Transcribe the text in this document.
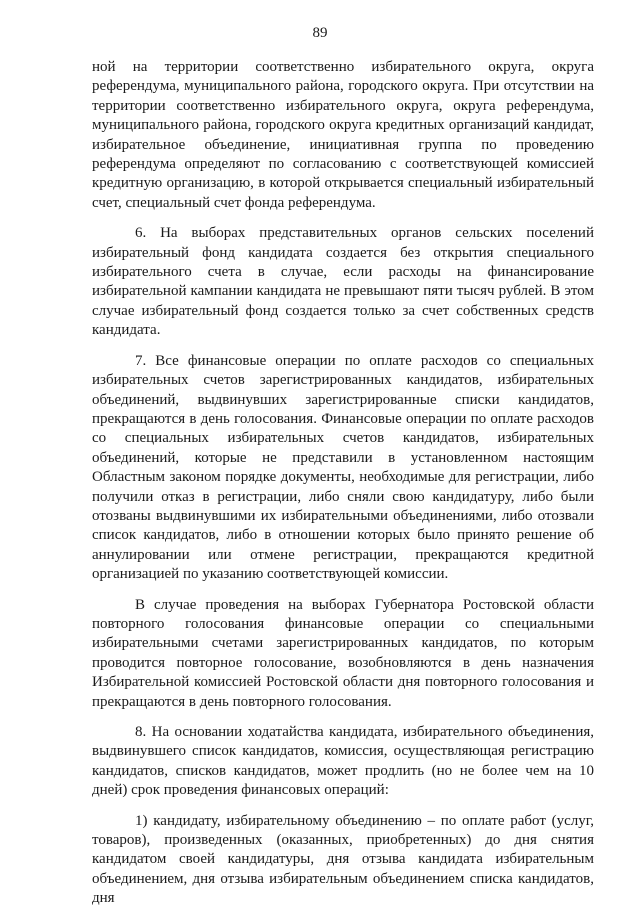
89

ной на территории соответственно избирательного округа, округа референдума, муниципального района, городского округа. При отсутствии на территории соответственно избирательного округа, округа референдума, муниципального района, городского округа кредитных организаций кандидат, избирательное объединение, инициативная группа по проведению референдума определяют по согласованию с соответствующей комиссией кредитную организацию, в которой открывается специальный избирательный счет, специальный счет фонда референдума.

6. На выборах представительных органов сельских поселений избирательный фонд кандидата создается без открытия специального избирательного счета в случае, если расходы на финансирование избирательной кампании кандидата не превышают пяти тысяч рублей. В этом случае избирательный фонд создается только за счет собственных средств кандидата.

7. Все финансовые операции по оплате расходов со специальных избирательных счетов зарегистрированных кандидатов, избирательных объединений, выдвинувших зарегистрированные списки кандидатов, прекращаются в день голосования. Финансовые операции по оплате расходов со специальных избирательных счетов кандидатов, избирательных объединений, которые не представили в установленном настоящим Областным законом порядке документы, необходимые для регистрации, либо получили отказ в регистрации, либо сняли свою кандидатуру, либо были отозваны выдвинувшими их избирательными объединениями, либо отозвали список кандидатов, либо в отношении которых было принято решение об аннулировании или отмене регистрации, прекращаются кредитной организацией по указанию соответствующей комиссии.

В случае проведения на выборах Губернатора Ростовской области повторного голосования финансовые операции со специальными избирательными счетами зарегистрированных кандидатов, по которым проводится повторное голосование, возобновляются в день назначения Избирательной комиссией Ростовской области дня повторного голосования и прекращаются в день повторного голосования.

8. На основании ходатайства кандидата, избирательного объединения, выдвинувшего список кандидатов, комиссия, осуществляющая регистрацию кандидатов, списков кандидатов, может продлить (но не более чем на 10 дней) срок проведения финансовых операций:

1) кандидату, избирательному объединению – по оплате работ (услуг, товаров), произведенных (оказанных, приобретенных) до дня снятия кандидатом своей кандидатуры, дня отзыва кандидата избирательным объединением, дня отзыва избирательным объединением списка кандидатов, дня
